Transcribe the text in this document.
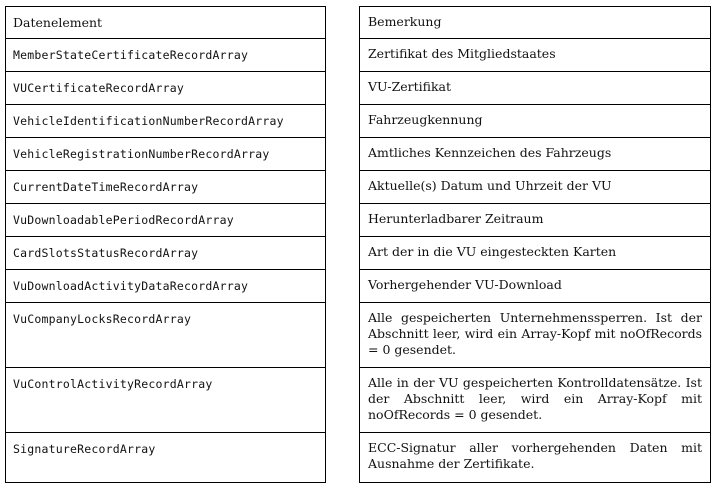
Datenelement	Bemerkung
MemberStateCertificateRecordArray	Zertifikat des Mitgliedstaates
VUCertificateRecordArray	VU-Zertifikat
VehicleIdentificationNumberRecordArray	Fahrzeugkennung
VehicleRegistrationNumberRecordArray	Amtliches Kennzeichen des Fahrzeugs
CurrentDateTimeRecordArray	Aktuelle(s) Datum und Uhrzeit der VU
VuDownloadablePeriodRecordArray	Herunterladbarer Zeitraum
CardSlotsStatusRecordArray	Art der in die VU eingesteckten Karten
VuDownloadActivityDataRecordArray	Vorhergehender VU-Download
VuCompanyLocksRecordArray	Alle gespeicherten Unternehmenssperren. Ist der Abschnitt leer, wird ein Array-Kopf mit noOfRecords = 0 gesendet.
VuControlActivityRecordArray	Alle in der VU gespeicherten Kontrolldatensätze. Ist der Abschnitt leer, wird ein Array-Kopf mit noOfRecords = 0 gesendet.
SignatureRecordArray	ECC-Signatur aller vorhergehenden Daten mit Ausnahme der Zertifikate.
